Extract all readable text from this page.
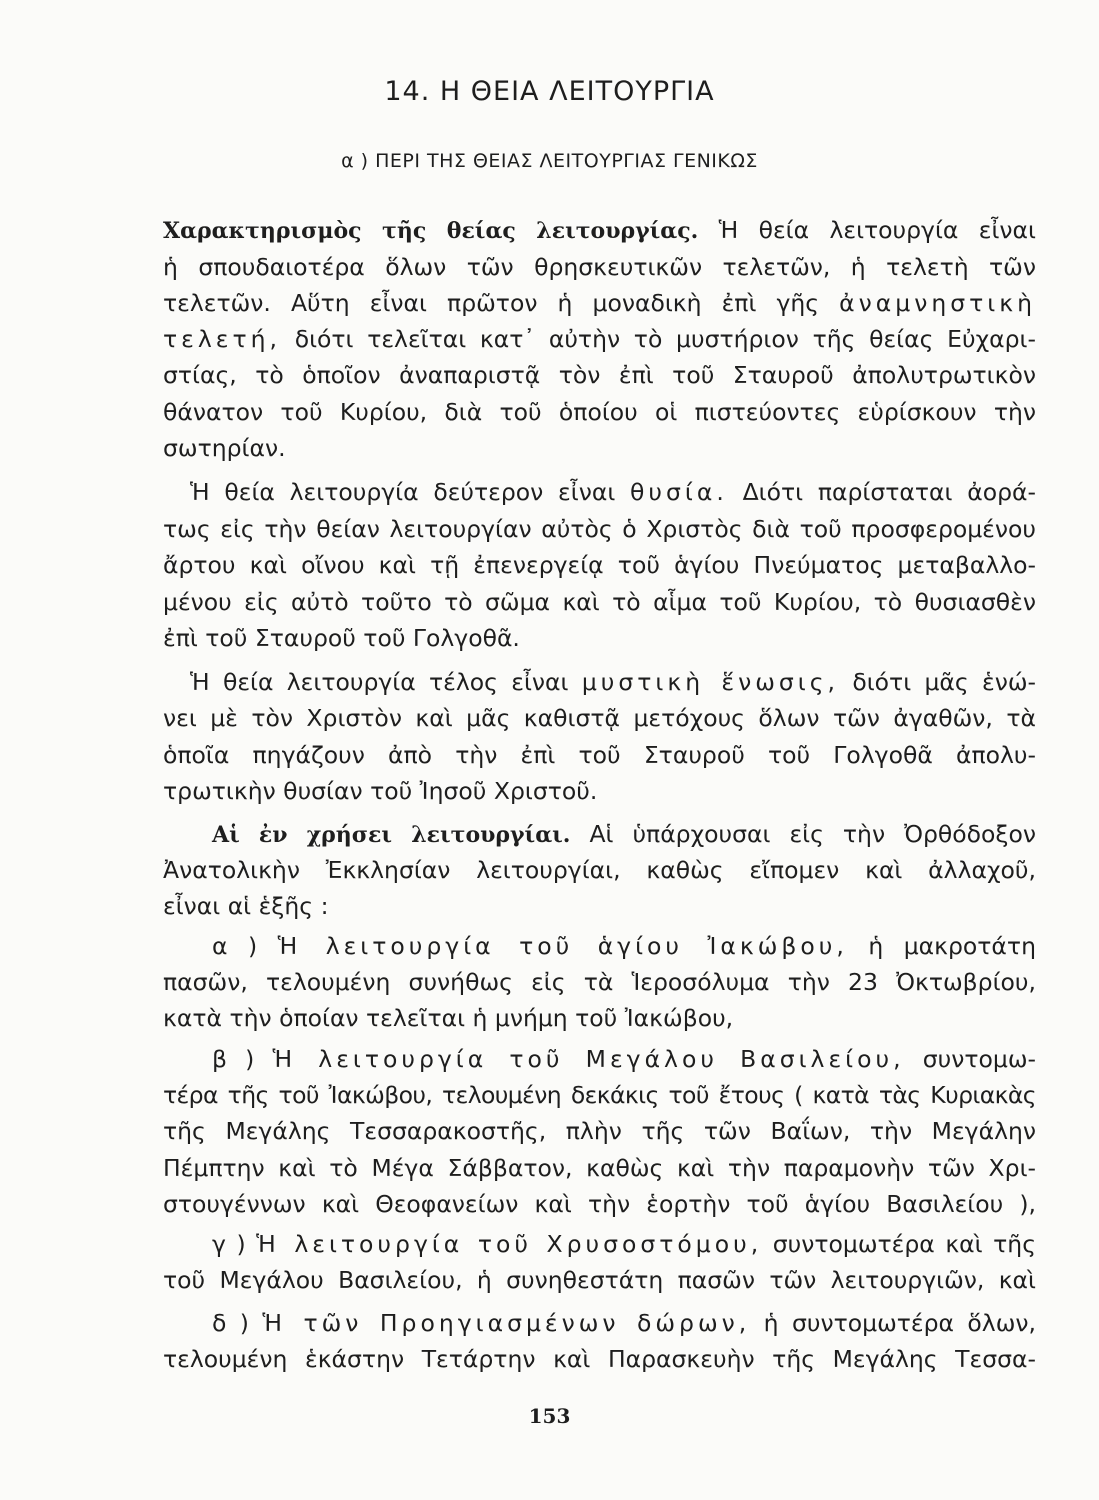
14. Η ΘΕΙΑ ΛΕΙΤΟΥΡΓΙΑ
α ) ΠΕΡΙ ΤΗΣ ΘΕΙΑΣ ΛΕΙΤΟΥΡΓΙΑΣ ΓΕΝΙΚΩΣ
Χαρακτηρισμὸς τῆς θείας λειτουργίας. Ἡ θεία λειτουργία εἶναι
ἡ σπουδαιοτέρα ὅλων τῶν θρησκευτικῶν τελετῶν, ἡ τελετὴ τῶν
τελετῶν. Αὕτη εἶναι πρῶτον ἡ μοναδικὴ ἐπὶ γῆς ἀναμνηστικὴ
τελετή, διότι τελεῖται κατ᾽ αὐτὴν τὸ μυστήριον τῆς θείας Εὐχαρι-
στίας, τὸ ὁποῖον ἀναπαριστᾷ τὸν ἐπὶ τοῦ Σταυροῦ ἀπολυτρωτικὸν
θάνατον τοῦ Κυρίου, διὰ τοῦ ὁποίου οἱ πιστεύοντες εὑρίσκουν τὴν
σωτηρίαν.
Ἡ θεία λειτουργία δεύτερον εἶναι θυσία. Διότι παρίσταται ἀορά-
τως εἰς τὴν θείαν λειτουργίαν αὐτὸς ὁ Χριστὸς διὰ τοῦ προσφερομένου
ἄρτου καὶ οἴνου καὶ τῇ ἐπενεργείᾳ τοῦ ἁγίου Πνεύματος μεταβαλλο-
μένου εἰς αὐτὸ τοῦτο τὸ σῶμα καὶ τὸ αἷμα τοῦ Κυρίου, τὸ θυσιασθὲν
ἐπὶ τοῦ Σταυροῦ τοῦ Γολγοθᾶ.
Ἡ θεία λειτουργία τέλος εἶναι μυστικὴ ἕνωσις, διότι μᾶς ἑνώ-
νει μὲ τὸν Χριστὸν καὶ μᾶς καθιστᾷ μετόχους ὅλων τῶν ἀγαθῶν, τὰ
ὁποῖα πηγάζουν ἀπὸ τὴν ἐπὶ τοῦ Σταυροῦ τοῦ Γολγοθᾶ ἀπολυ-
τρωτικὴν θυσίαν τοῦ Ἰησοῦ Χριστοῦ.
Αἱ ἐν χρήσει λειτουργίαι. Αἱ ὑπάρχουσαι εἰς τὴν Ὀρθόδοξον
Ἀνατολικὴν Ἐκκλησίαν λειτουργίαι, καθὼς εἴπομεν καὶ ἀλλαχοῦ,
εἶναι αἱ ἑξῆς :
α ) Ἡ λειτουργία τοῦ ἁγίου Ἰακώβου, ἡ μακροτάτη
πασῶν, τελουμένη συνήθως εἰς τὰ Ἱεροσόλυμα τὴν 23 Ὀκτωβρίου,
κατὰ τὴν ὁποίαν τελεῖται ἡ μνήμη τοῦ Ἰακώβου,
β ) Ἡ λειτουργία τοῦ Μεγάλου Βασιλείου, συντομω-
τέρα τῆς τοῦ Ἰακώβου, τελουμένη δεκάκις τοῦ ἔτους ( κατὰ τὰς Κυριακὰς
τῆς Μεγάλης Τεσσαρακοστῆς, πλὴν τῆς τῶν Βαΐων, τὴν Μεγάλην
Πέμπτην καὶ τὸ Μέγα Σάββατον, καθὼς καὶ τὴν παραμονὴν τῶν Χρι-
στουγέννων καὶ Θεοφανείων καὶ τὴν ἑορτὴν τοῦ ἁγίου Βασιλείου ),
γ ) Ἡ λειτουργία τοῦ Χρυσοστόμου, συντομωτέρα καὶ τῆς
τοῦ Μεγάλου Βασιλείου, ἡ συνηθεστάτη πασῶν τῶν λειτουργιῶν, καὶ
δ ) Ἡ τῶν Προηγιασμένων δώρων, ἡ συντομωτέρα ὅλων,
τελουμένη ἑκάστην Τετάρτην καὶ Παρασκευὴν τῆς Μεγάλης Τεσσα-
153
